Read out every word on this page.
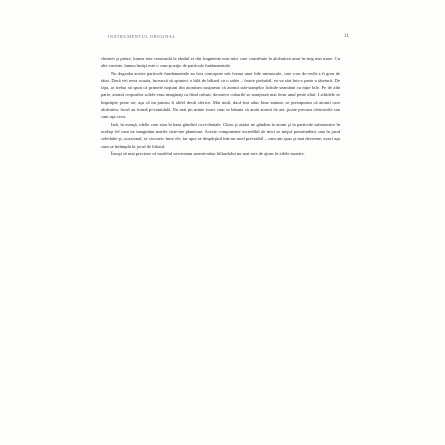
INSTRUMENTUL ORIGINAL	11

chimiei şi pietre, lumea este construită la rândul ei din fragmente mai mici care contribuie la alcătuirea unui în-treg mai mare. Cu alte cuvinte, lumea însăşi este o com-poziţie de particule fundamentale.

Nu degeaba aceste particule fundamentale au fost concepute sub forma unor bile minuscule, care s-au do-vedit a fi greu de tăiat. Dacă vei avea ocazia, încearcă să spinteci o bilă de biliard cu o sabie – foarte probabil, ea va sări într-o parte a tăieturii. De fapt, ar trebui să spun că primele noţiuni din atomism susţineau că atomii sub-stanţelor lichide seamănă cu niţte bile. Pe de altă parte, atomii corpurilor solide erau imaginaţi ca fiind cuburi, deoarece cuburile se aranjează mai ferm unul peste altul. Lichidele se împrăştie peste tot, aşa că nu puteau fi altfel decât sferice. Mai mult, dacă îmi aduc bine aminte, se presupunea că atomii care alcătuiesc focul au formă pi-ramidală. Nu mai ţin minte exact cum se bănuia că arată atomii de aer, poate precum clenciurile sau cam aşa ceva.

Iată, în esenţă, ideile care stau la baza gândirii occi-dentale. Chiar şi astăzi ne gândim la atomi şi la particule subatomice în acelaşi fel cum ne imaginăm marile siste-me planetare. Aceste componente incredibil de mici se mişcă pretutindeni, una în jurul celeilalte şi, ocazional, se ciocnesc între ele, iar apoi se despărţind într-un mod previzibil – cum am spus şi mai devreme, exact aşa cum se întâmplă în jocul de biliard.

Însuşi să mai precizez că modelul newtonian asemă-nător biliardului nu mai este de ajuns în zilele noastre.
